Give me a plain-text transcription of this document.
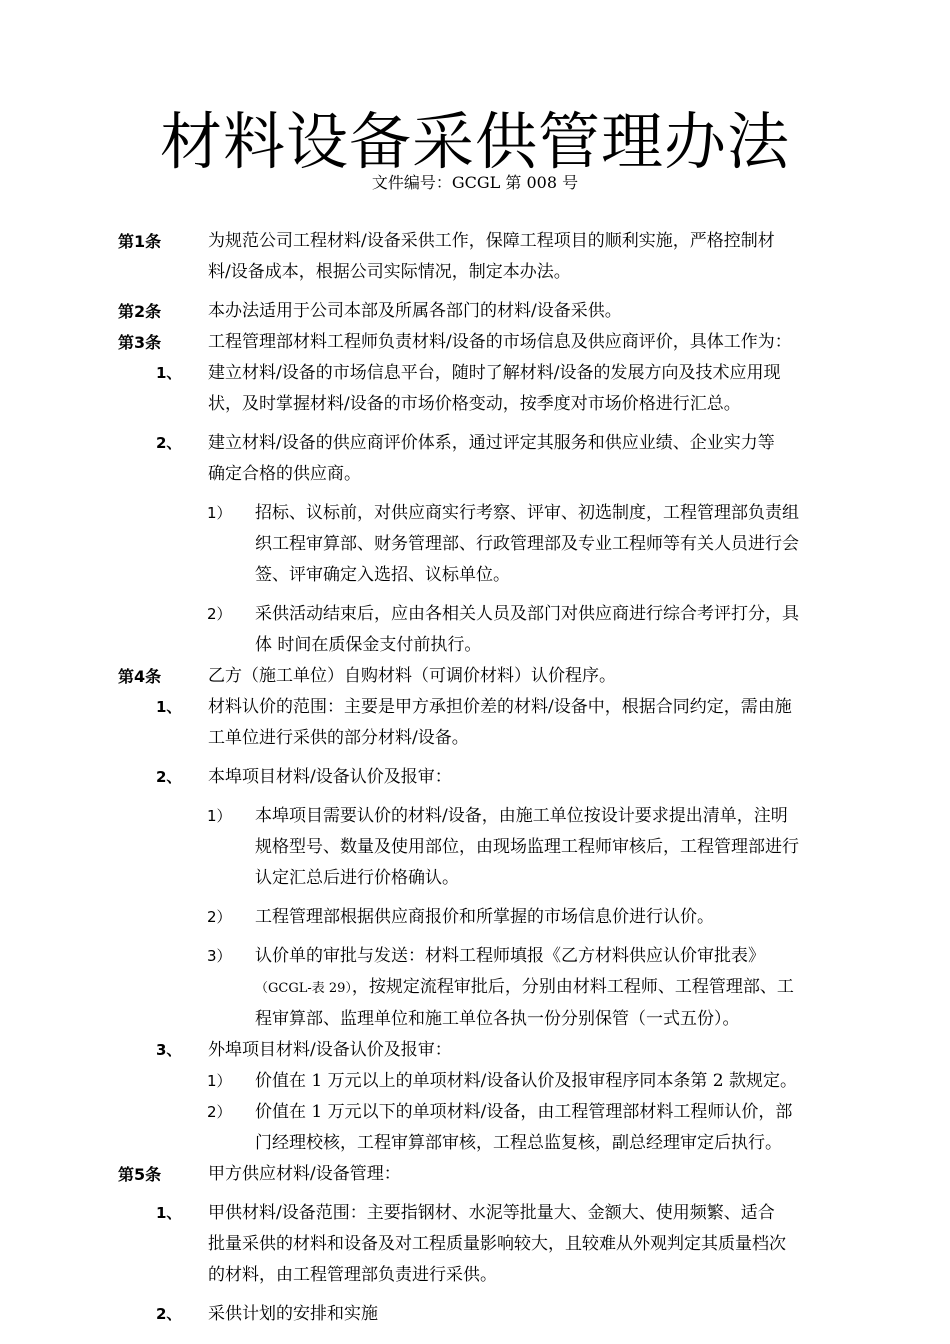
材料设备采供管理办法
文件编号：GCGL 第 008 号
第1条	为规范公司工程材料/设备采供工作，保障工程项目的顺利实施，严格控制材
料/设备成本，根据公司实际情况，制定本办法。
第2条	本办法适用于公司本部及所属各部门的材料/设备采供。
第3条	工程管理部材料工程师负责材料/设备的市场信息及供应商评价，具体工作为：
1、 建立材料/设备的市场信息平台，随时了解材料/设备的发展方向及技术应用现
状，及时掌握材料/设备的市场价格变动，按季度对市场价格进行汇总。
2、 建立材料/设备的供应商评价体系，通过评定其服务和供应业绩、企业实力等
确定合格的供应商。
1） 招标、议标前，对供应商实行考察、评审、初选制度，工程管理部负责组
织工程审算部、财务管理部、行政管理部及专业工程师等有关人员进行会
签、评审确定入选招、议标单位。
2） 采供活动结束后，应由各相关人员及部门对供应商进行综合考评打分，具
体 时间在质保金支付前执行。
第4条	乙方（施工单位）自购材料（可调价材料）认价程序。
1、 材料认价的范围：主要是甲方承担价差的材料/设备中，根据合同约定，需由施
工单位进行采供的部分材料/设备。
2、 本埠项目材料/设备认价及报审：
1） 本埠项目需要认价的材料/设备，由施工单位按设计要求提出清单，注明
规格型号、数量及使用部位，由现场监理工程师审核后，工程管理部进行
认定汇总后进行价格确认。
2） 工程管理部根据供应商报价和所掌握的市场信息价进行认价。
3） 认价单的审批与发送：材料工程师填报《乙方材料供应认价审批表》
（GCGL-表 29），按规定流程审批后，分别由材料工程师、工程管理部、工
程审算部、监理单位和施工单位各执一份分别保管（一式五份）。
3、 外埠项目材料/设备认价及报审：
1） 价值在 1 万元以上的单项材料/设备认价及报审程序同本条第 2 款规定。
2） 价值在 1 万元以下的单项材料/设备，由工程管理部材料工程师认价，部
门经理校核，工程审算部审核，工程总监复核，副总经理审定后执行。
第5条	甲方供应材料/设备管理：
1、 甲供材料/设备范围：主要指钢材、水泥等批量大、金额大、使用频繁、适合
批量采供的材料和设备及对工程质量影响较大，且较难从外观判定其质量档次
的材料，由工程管理部负责进行采供。
2、 采供计划的安排和实施
